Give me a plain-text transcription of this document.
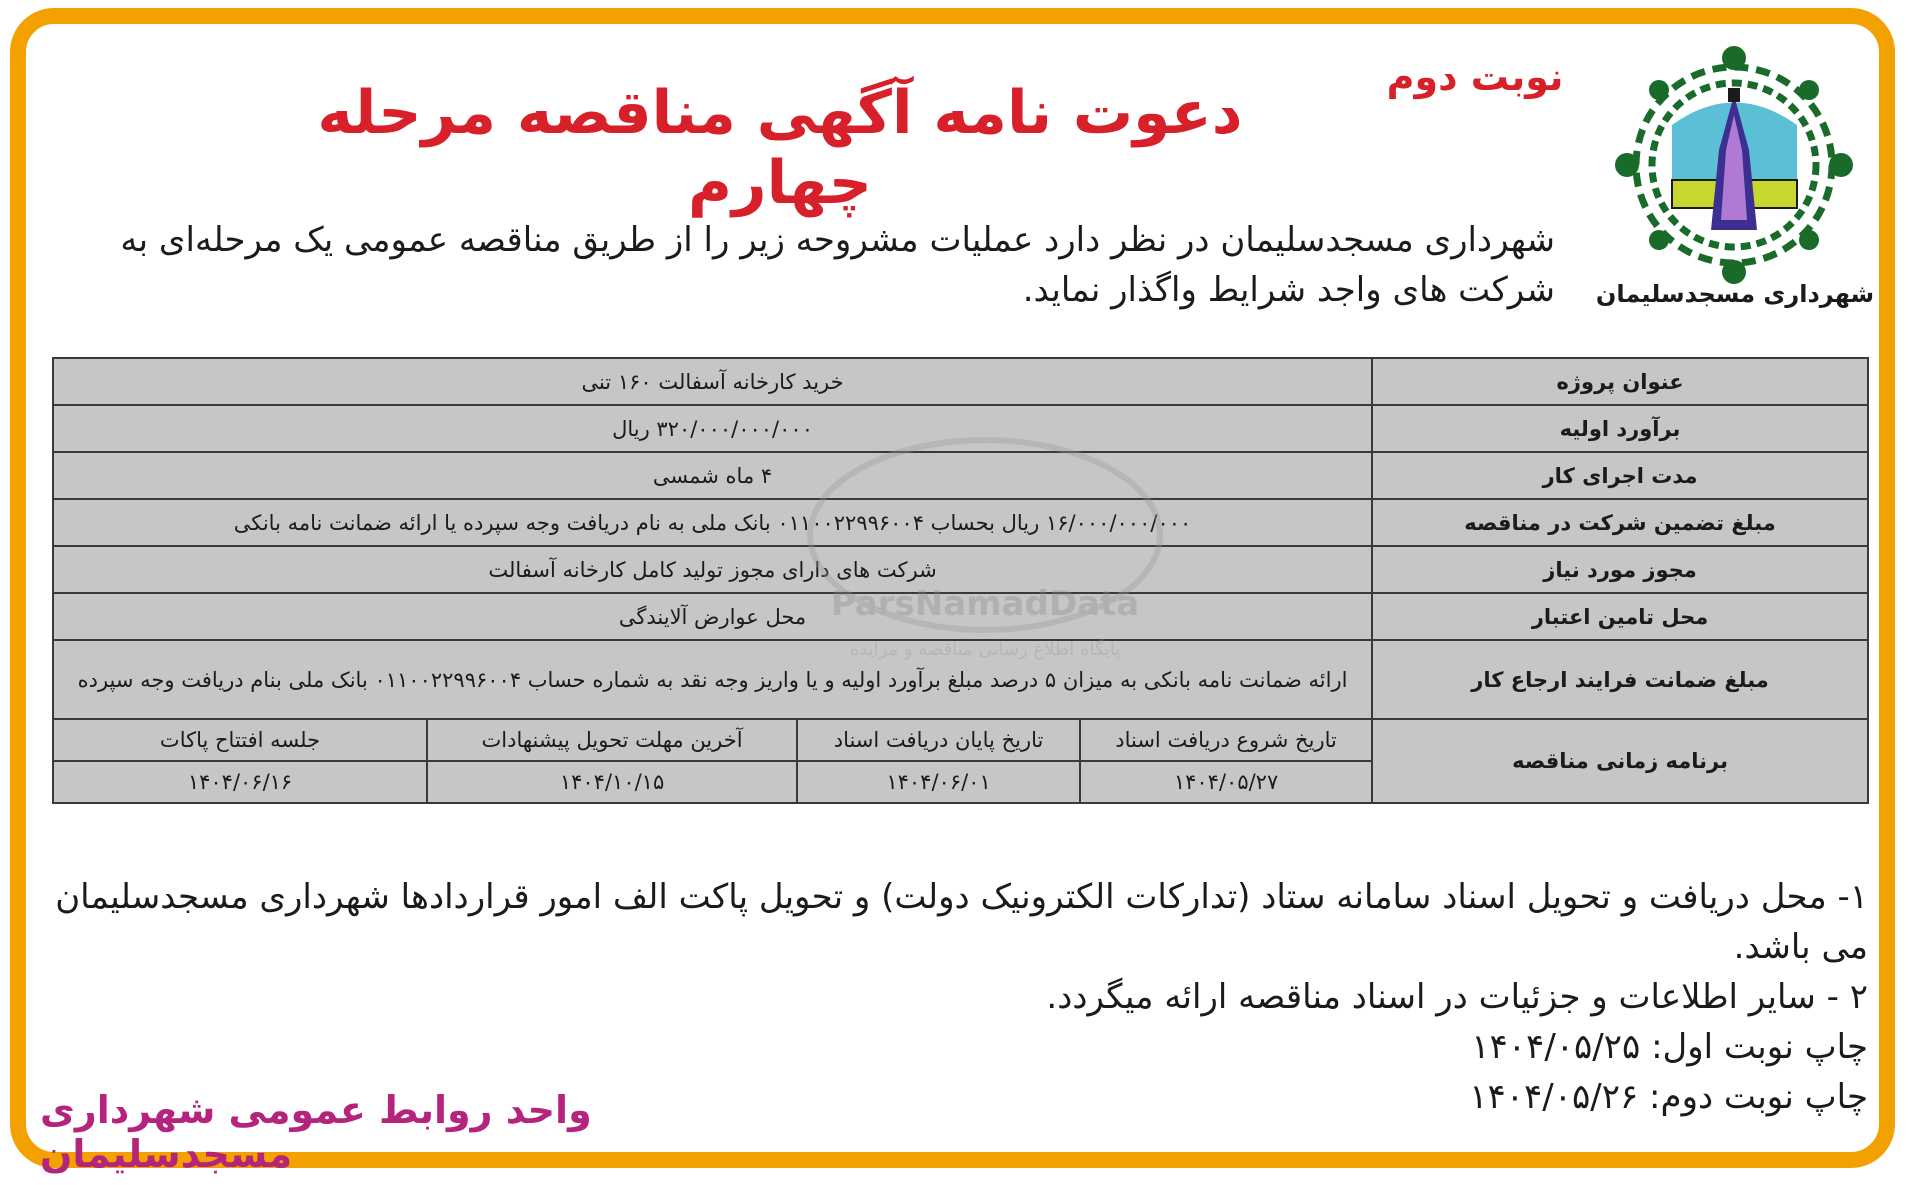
شهرداری مسجدسلیمان
نوبت دوم
دعوت نامه آگهی مناقصه مرحله چهارم
شهرداری مسجدسلیمان در نظر دارد عملیات مشروحه زیر را از طریق مناقصه عمومی یک مرحله‌ای به شرکت های واجد شرایط واگذار نماید.
عنوان پروژه	خرید کارخانه آسفالت ۱۶۰ تنی			
برآورد اولیه	۳۲۰/۰۰۰/۰۰۰/۰۰۰ ریال			
مدت اجرای کار	۴ ماه شمسی			
مبلغ تضمین شرکت در مناقصه	۱۶/۰۰۰/۰۰۰/۰۰۰ ریال بحساب ۰۱۱۰۰۲۲۹۹۶۰۰۴ بانک ملی به نام دریافت وجه سپرده یا ارائه ضمانت نامه بانکی			
مجوز مورد نیاز	شرکت های دارای مجوز تولید کامل کارخانه آسفالت			
محل تامین اعتبار	محل عوارض آلایندگی			
مبلغ ضمانت فرایند ارجاع کار	ارائه ضمانت نامه بانکی به میزان ۵ درصد مبلغ برآورد اولیه و یا واریز وجه نقد به شماره حساب ۰۱۱۰۰۲۲۹۹۶۰۰۴ بانک ملی بنام دریافت وجه سپرده			
برنامه زمانی مناقصه	تاریخ شروع دریافت اسناد	تاریخ پایان دریافت اسناد	آخرین مهلت تحویل پیشنهادات	جلسه افتتاح پاکات
	۱۴۰۴/۰۵/۲۷	۱۴۰۴/۰۶/۰۱	۱۴۰۴/۱۰/۱۵	۱۴۰۴/۰۶/۱۶
ParsNamadData
پایگاه اطلاع رسانی مناقصه و مزایده
۱- محل دریافت و تحویل اسناد سامانه ستاد (تدارکات الکترونیک دولت) و تحویل پاکت الف امور قراردادها شهرداری مسجدسلیمان می باشد.
۲ - سایر اطلاعات و جزئیات در اسناد مناقصه ارائه میگردد.
چاپ نوبت اول: ۱۴۰۴/۰۵/۲۵
چاپ نوبت دوم: ۱۴۰۴/۰۵/۲۶
واحد روابط عمومی شهرداری مسجدسلیمان
